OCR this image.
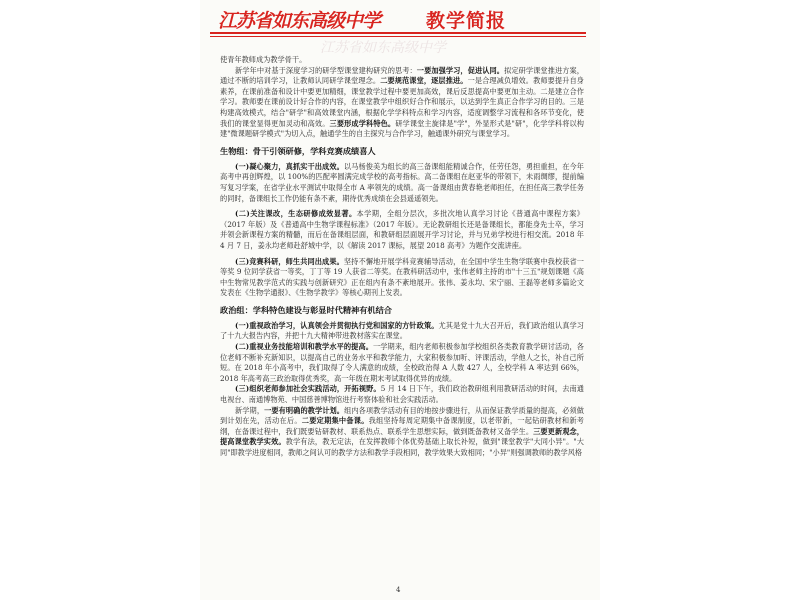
江苏省如东高级中学 教学简报
江苏省如东高级中学

使青年教师成为教学骨干。

新学年中对基于深度学习的研学型课堂建构研究的思考：一要加强学习，促进认同。拟定研学课堂推进方案，通过不断的培训学习，让教师认同研学课堂理念。二要规范课堂，逐层推进。一是合理减负增效。教师要提升自身素养，在课前准备和设计中要更加精细，课堂教学过程中要更加高效，课后反思提高中要更加主动。二是建立合作学习。教师要在课前设计好合作的内容，在课堂教学中组织好合作和展示，以达到学生真正合作学习的目的。三是构建高效模式，结合"研学"和高效课堂内涵，根据化学学科特点和学习内容，适度调整学习流程和各环节变化，使我们的课堂显得更加灵动和高效。三要形成学科特色。研学课堂主旋律是"学"，外显形式是"研"，化学学科将以构建"微课题研学模式"为切入点，触通学生的自主探究与合作学习，触通课外研究与课堂学习。

生物组：骨干引领研修，学科竞赛成绩喜人

(一)凝心聚力，真抓实干出成效。以马杨俊美为组长的高三备课组能精诚合作，任劳任怨，勇担重担，在今年高考中再创辉煌，以 100%的匹配率圆满完成学校的高考指标。高二备课组在赵亚华的带领下，未雨绸缪，提前编写复习学案，在省学业水平测试中取得全市 A 率领先的成绩。高一备课组由黄春艳老师担任，在担任高三教学任务的同时，备课组长工作仍能有条不紊，期待优秀成绩在会县遥遥领先。

(二)关注课改，生态研修成效显著。本学期，全组分层次，多批次地认真学习讨论《普通高中课程方案》（2017 年版）及《普通高中生物学课程标准》（2017 年版）。无论教研组长还是备课组长，都能身先士卒，学习并领会新课程方案的精髓，而后在备课组层面，和教研组层面展开学习讨论，并与兄弟学校进行相交流。2018 年 4 月 7 日，姜永均老师赴舒城中学，以《解读 2017 课标，展望 2018 高考》为题作交流讲座。

(三)竞赛科研，师生共同出成果。坚持不懈地开展学科竞赛辅导活动，在全国中学生生物学联赛中我校获省一等奖 9 位同学获省一等奖，丁丁等 19 人获省二等奖。在教科研活动中，张伟老师主持的市"十三五"规划课题《高中生物常见教学范式的实践与创新研究》正在组内有条不紊地展开。张伟、姜永均、宋宁丽、王磊等老师多篇论文发表在《生物学通报》、《生物学教学》等核心期刊上发表。

政治组：学科特色建设与彰显时代精神有机结合

(一)重视政治学习，认真领会并贯彻执行党和国家的方针政策。尤其是党十九大召开后，我们政治组认真学习了十九大报告内容，并把十九大精神带进教材落实在课堂。

(二)重视业务技能培训和教学水平的提高。一学期来，组内老师积极参加学校组织各类教育教学研讨活动，各位老师不断补充新知识，以提高自己的业务水平和教学能力，大家积极参加听、评课活动，学他人之长，补自己所短。在 2018 年小高考中，我们取得了令人满意的成绩，全校政治得 A 人数 427 人，全校学科 A 率达到 66%，2018 年高考高三政治取得优秀奖，高一年级在期末考试取得优异的成绩。

(三)组织老师参加社会实践活动，开拓视野。5 月 14 日下午，我们政治教研组利用教研活动的时间，去南通电视台、南通博物苑、中国慈善博物馆进行考察体验和社会实践活动。

新学期，一要有明确的教学计划。组内各项教学活动有目的地按步骤进行，从而保证教学质量的提高，必须做到计划在先，活动在后。二要定期集中备课。我组坚持每周定期集中备课制度，以老带新，一起钻研教材和新考纲，在备课过程中，我们既要钻研教材、联系热点、联系学生思想实际，做到既备教材又备学生。三要更新观念，提高课堂教学实效。教学有法，教无定法，在发挥教师个体优势基础上取长补短，做到"课堂教学"大同小异"。"大同"即教学进度相同，教师之间认可的教学方法和教学手段相同，教学效果大致相同；"小异"则强调教师的教学风格

4
